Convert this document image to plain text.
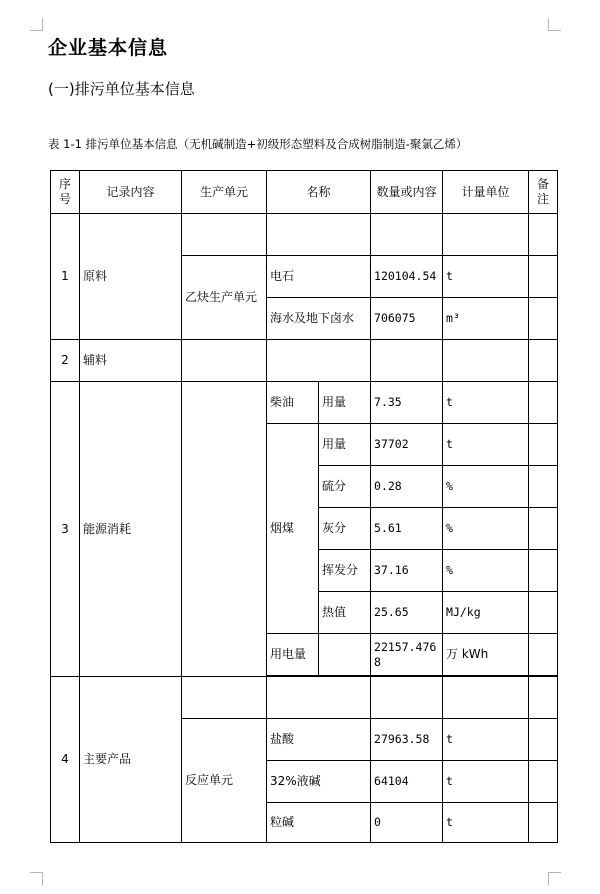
企业基本信息
(一)排污单位基本信息
表 1-1 排污单位基本信息（无机碱制造+初级形态塑料及合成树脂制造-聚氯乙烯）
序号	记录内容	生产单元	名称		数量或内容	计量单位	备注
1	原料						
		乙炔生产单元	电石		120104.54	t	
			海水及地下卤水		706075	m³	
2	辅料						
3	能源消耗		柴油	用量	7.35	t	
			烟煤	用量	37702	t	
				硫分	0.28	%	
				灰分	5.61	%	
				挥发分	37.16	%	
				热值	25.65	MJ/kg	
			用电量		22157.4768	万 kWh	

4	主要产品						
		反应单元	盐酸		27963.58	t	
			32%液碱		64104	t	
			粒碱		0	t	
